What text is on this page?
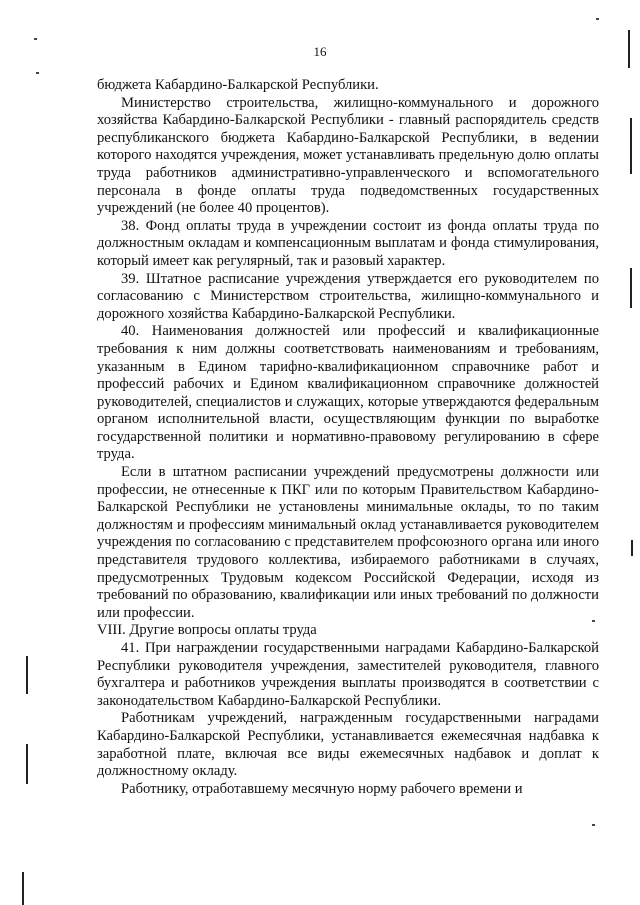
16

бюджета Кабардино-Балкарской Республики.

Министерство строительства, жилищно-коммунального и дорожного хозяйства Кабардино-Балкарской Республики - главный распорядитель средств республиканского бюджета Кабардино-Балкарской Республики, в ведении которого находятся учреждения, может устанавливать предельную долю оплаты труда работников административно-управленческого и вспомогательного персонала в фонде оплаты труда подведомственных государственных учреждений (не более 40 процентов).

38. Фонд оплаты труда в учреждении состоит из фонда оплаты труда по должностным окладам и компенсационным выплатам и фонда стимулирования, который имеет как регулярный, так и разовый характер.

39. Штатное расписание учреждения утверждается его руководителем по согласованию с Министерством строительства, жилищно-коммунального и дорожного хозяйства Кабардино-Балкарской Республики.

40. Наименования должностей или профессий и квалификационные требования к ним должны соответствовать наименованиям и требованиям, указанным в Едином тарифно-квалификационном справочнике работ и профессий рабочих и Едином квалификационном справочнике должностей руководителей, специалистов и служащих, которые утверждаются федеральным органом исполнительной власти, осуществляющим функции по выработке государственной политики и нормативно-правовому регулированию в сфере труда.

Если в штатном расписании учреждений предусмотрены должности или профессии, не отнесенные к ПКГ или по которым Правительством Кабардино-Балкарской Республики не установлены минимальные оклады, то по таким должностям и профессиям минимальный оклад устанавливается руководителем учреждения по согласованию с представителем профсоюзного органа или иного представителя трудового коллектива, избираемого работниками в случаях, предусмотренных Трудовым кодексом Российской Федерации, исходя из требований по образованию, квалификации или иных требований по должности или профессии.

VIII. Другие вопросы оплаты труда

41. При награждении государственными наградами Кабардино-Балкарской Республики руководителя учреждения, заместителей руководителя, главного бухгалтера и работников учреждения выплаты производятся в соответствии с законодательством Кабардино-Балкарской Республики.

Работникам учреждений, награжденным государственными наградами Кабардино-Балкарской Республики, устанавливается ежемесячная надбавка к заработной плате, включая все виды ежемесячных надбавок и доплат к должностному окладу.

Работнику, отработавшему месячную норму рабочего времени и
